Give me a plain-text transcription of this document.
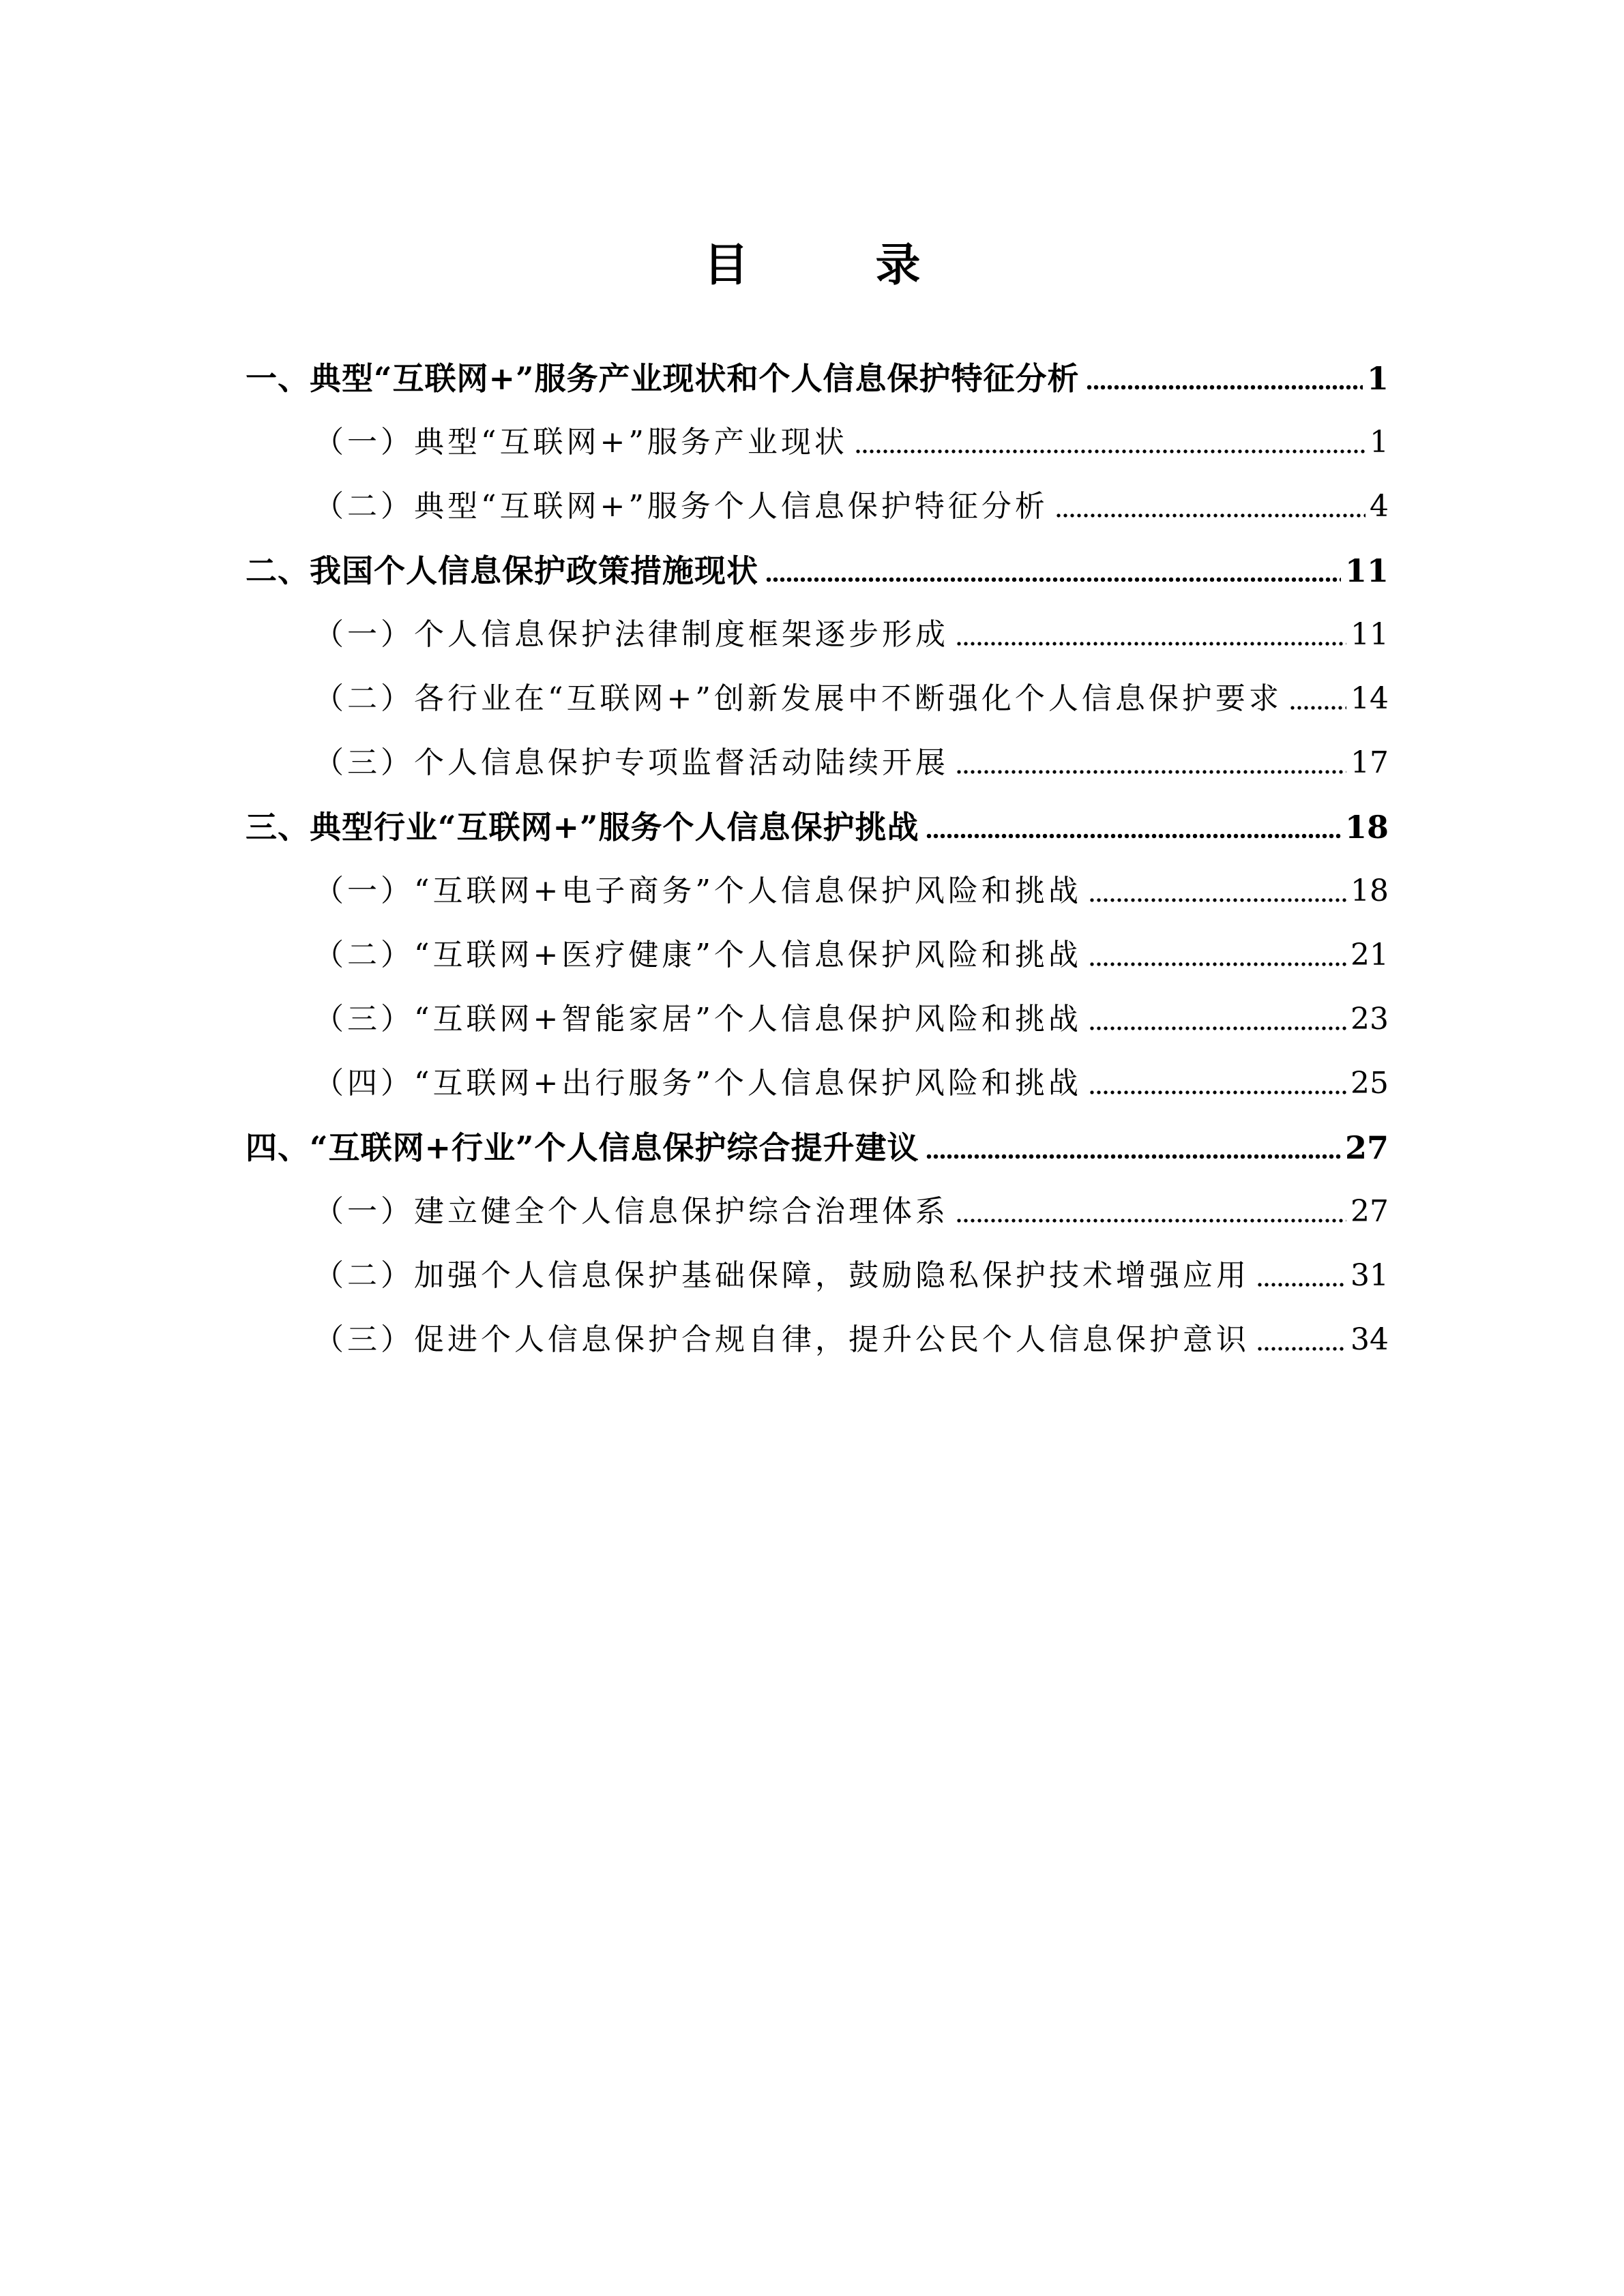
目　录
一、典型“互联网+”服务产业现状和个人信息保护特征分析	1
（一）典型“互联网+”服务产业现状	1
（二）典型“互联网+”服务个人信息保护特征分析	4
二、我国个人信息保护政策措施现状	11
（一）个人信息保护法律制度框架逐步形成	11
（二）各行业在“互联网+”创新发展中不断强化个人信息保护要求 14
（三）个人信息保护专项监督活动陆续开展	17
三、典型行业“互联网+”服务个人信息保护挑战	18
（一）“互联网+电子商务”个人信息保护风险和挑战	18
（二）“互联网+医疗健康”个人信息保护风险和挑战	21
（三）“互联网+智能家居”个人信息保护风险和挑战	23
（四）“互联网+出行服务”个人信息保护风险和挑战	25
四、“互联网+行业”个人信息保护综合提升建议	27
（一）建立健全个人信息保护综合治理体系	27
（二）加强个人信息保护基础保障，鼓励隐私保护技术增强应用	31
（三）促进个人信息保护合规自律，提升公民个人信息保护意识	34
